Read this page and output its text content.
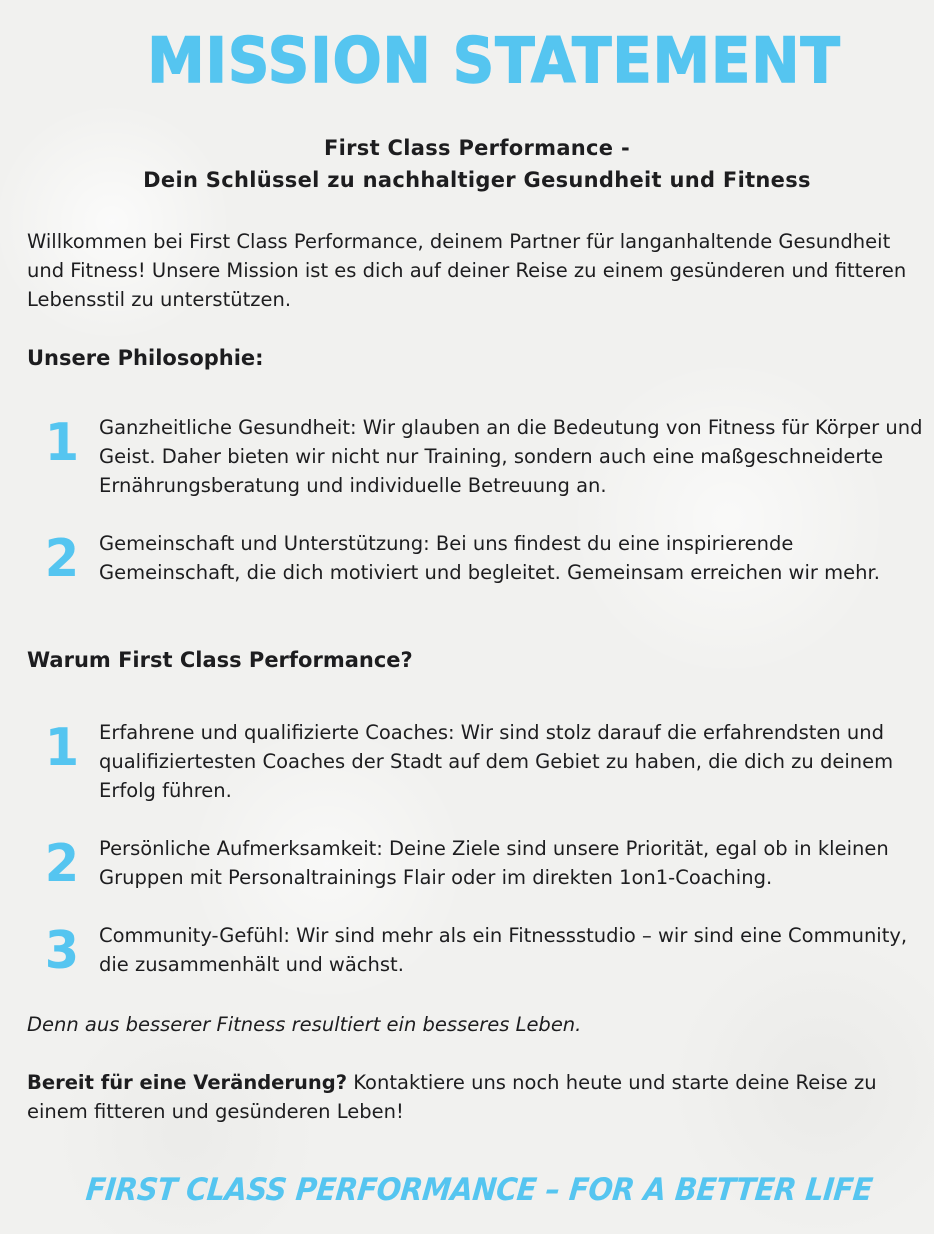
MISSION STATEMENT
First Class Performance -
Dein Schlüssel zu nachhaltiger Gesundheit und Fitness
Willkommen bei First Class Performance, deinem Partner für langanhaltende Gesundheit und Fitness! Unsere Mission ist es dich auf deiner Reise zu einem gesünderen und fitteren Lebensstil zu unterstützen.
Unsere Philosophie:
1	Ganzheitliche Gesundheit: Wir glauben an die Bedeutung von Fitness für Körper und Geist. Daher bieten wir nicht nur Training, sondern auch eine maßgeschneiderte Ernährungsberatung und individuelle Betreuung an.
2	Gemeinschaft und Unterstützung: Bei uns findest du eine inspirierende Gemeinschaft, die dich motiviert und begleitet. Gemeinsam erreichen wir mehr.
Warum First Class Performance?
1	Erfahrene und qualifizierte Coaches: Wir sind stolz darauf die erfahrendsten und qualifiziertesten Coaches der Stadt auf dem Gebiet zu haben, die dich zu deinem Erfolg führen.
2	Persönliche Aufmerksamkeit: Deine Ziele sind unsere Priorität, egal ob in kleinen Gruppen mit Personaltrainings Flair oder im direkten 1on1-Coaching.
3	Community-Gefühl: Wir sind mehr als ein Fitnessstudio – wir sind eine Community, die zusammenhält und wächst.
Denn aus besserer Fitness resultiert ein besseres Leben.
Bereit für eine Veränderung? Kontaktiere uns noch heute und starte deine Reise zu einem fitteren und gesünderen Leben!
FIRST CLASS PERFORMANCE – FOR A BETTER LIFE
